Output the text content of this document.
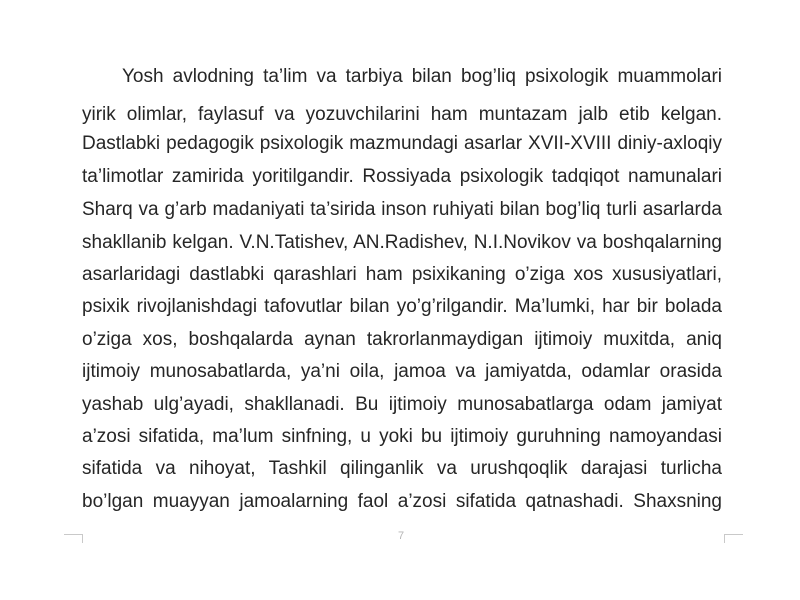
Yosh avlodning ta’lim va tarbiya bilan bog’liq psixologik muammolari

yirik olimlar, faylasuf va yozuvchilarini ham muntazam jalb etib kelgan.

Dastlabki pedagogik psixologik mazmundagi asarlar XVII-XVIII diniy-axloqiy

ta’limotlar zamirida yoritilgandir. Rossiyada psixologik tadqiqot namunalari

Sharq va g’arb madaniyati ta’sirida inson ruhiyati bilan bog’liq turli asarlarda

shakllanib kelgan. V.N.Tatishev, AN.Radishev, N.I.Novikov va boshqalarning

asarlaridagi dastlabki qarashlari ham psixikaning o’ziga xos xususiyatlari,

psixik rivojlanishdagi tafovutlar bilan yo’g’rilgandir. Ma’lumki, har bir bolada

o’ziga xos, boshqalarda aynan takrorlanmaydigan ijtimoiy muxitda, aniq

ijtimoiy munosabatlarda, ya’ni oila, jamoa va jamiyatda, odamlar orasida

yashab ulg’ayadi, shakllanadi. Bu ijtimoiy munosabatlarga odam jamiyat

a’zosi sifatida, ma’lum sinfning, u yoki bu ijtimoiy guruhning namoyandasi

sifatida va nihoyat, Tashkil qilinganlik va urushqoqlik darajasi turlicha

bo’lgan muayyan jamoalarning faol a’zosi sifatida qatnashadi. Shaxsning

7
